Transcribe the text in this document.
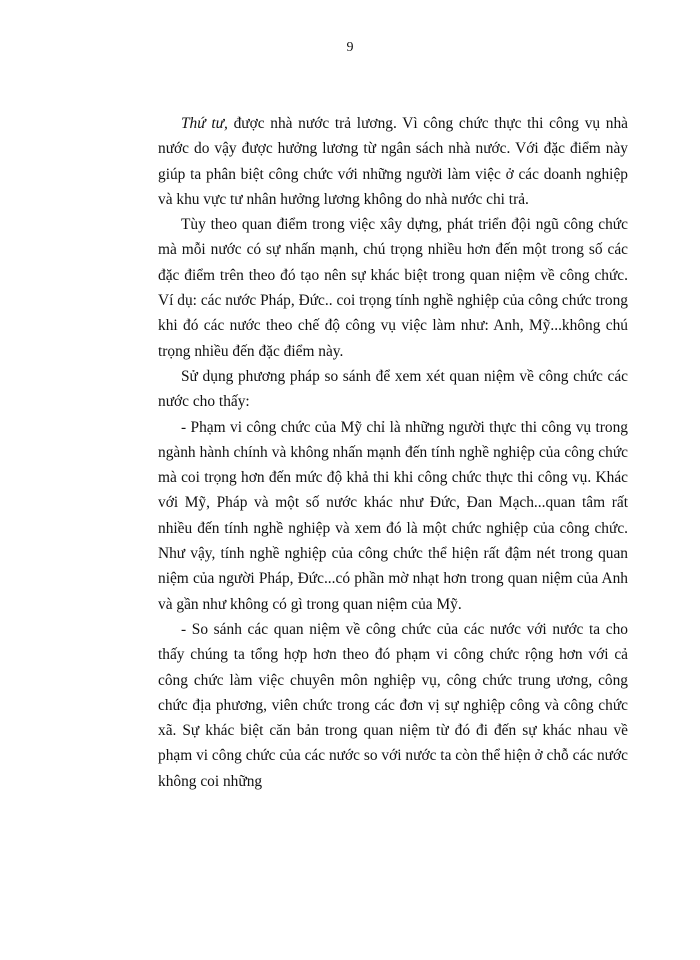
9

Thứ tư, được nhà nước trả lương. Vì công chức thực thi công vụ nhà nước do vậy được hưởng lương từ ngân sách nhà nước. Với đặc điểm này giúp ta phân biệt công chức với những người làm việc ở các doanh nghiệp và khu vực tư nhân hưởng lương không do nhà nước chi trả.

Tùy theo quan điểm trong việc xây dựng, phát triển đội ngũ công chức mà mỗi nước có sự nhấn mạnh, chú trọng nhiều hơn đến một trong số các đặc điểm trên theo đó tạo nên sự khác biệt trong quan niệm về công chức. Ví dụ: các nước Pháp, Đức.. coi trọng tính nghề nghiệp của công chức trong khi đó các nước theo chế độ công vụ việc làm như: Anh, Mỹ...không chú trọng nhiều đến đặc điểm này.

Sử dụng phương pháp so sánh để xem xét quan niệm về công chức các nước cho thấy:

- Phạm vi công chức của Mỹ chỉ là những người thực thi công vụ trong ngành hành chính và không nhấn mạnh đến tính nghề nghiệp của công chức mà coi trọng hơn đến mức độ khả thi khi công chức thực thi công vụ. Khác với Mỹ, Pháp và một số nước khác như Đức, Đan Mạch...quan tâm rất nhiều đến tính nghề nghiệp và xem đó là một chức nghiệp của công chức. Như vậy, tính nghề nghiệp của công chức thể hiện rất đậm nét trong quan niệm của người Pháp, Đức...có phần mờ nhạt hơn trong quan niệm của Anh và gần như không có gì trong quan niệm của Mỹ.

- So sánh các quan niệm về công chức của các nước với nước ta cho thấy chúng ta tổng hợp hơn theo đó phạm vi công chức rộng hơn với cả công chức làm việc chuyên môn nghiệp vụ, công chức trung ương, công chức địa phương, viên chức trong các đơn vị sự nghiệp công và công chức xã. Sự khác biệt căn bản trong quan niệm từ đó đi đến sự khác nhau về phạm vi công chức của các nước so với nước ta còn thể hiện ở chỗ các nước không coi những
